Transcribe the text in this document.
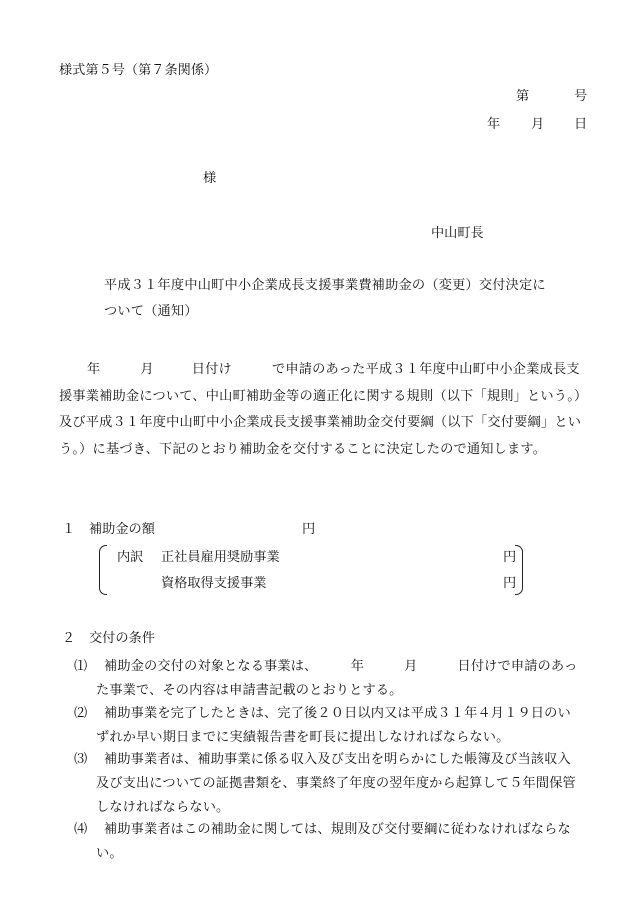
様式第５号（第７条関係）
第	号
年 月 日
様
中山町長
平成３１年度中山町中小企業成長支援事業費補助金の（変更）交付決定に
ついて（通知）
年	月	日付け	で申請のあった平成３１年度中山町中小企業成長支援事業補助金について、中山町補助金等の適正化に関する規則（以下「規則」という。）及び平成３１年度中山町中小企業成長支援事業補助金交付要綱（以下「交付要綱」という。）に基づき、下記のとおり補助金を交付することに決定したので通知します。
１ 補助金の額	円
内訳 正社員雇用奨励事業	円
資格取得支援事業	円
２ 交付の条件
⑴	補助金の交付の対象となる事業は、　　　年　　　月　　　日付けで申請のあった事業で、その内容は申請書記載のとおりとする。
⑵	補助事業を完了したときは、完了後２０日以内又は平成３１年４月１９日のいずれか早い期日までに実績報告書を町長に提出しなければならない。
⑶	補助事業者は、補助事業に係る収入及び支出を明らかにした帳簿及び当該収入及び支出についての証拠書類を、事業終了年度の翌年度から起算して５年間保管しなければならない。
⑷	補助事業者はこの補助金に関しては、規則及び交付要綱に従わなければならない。
